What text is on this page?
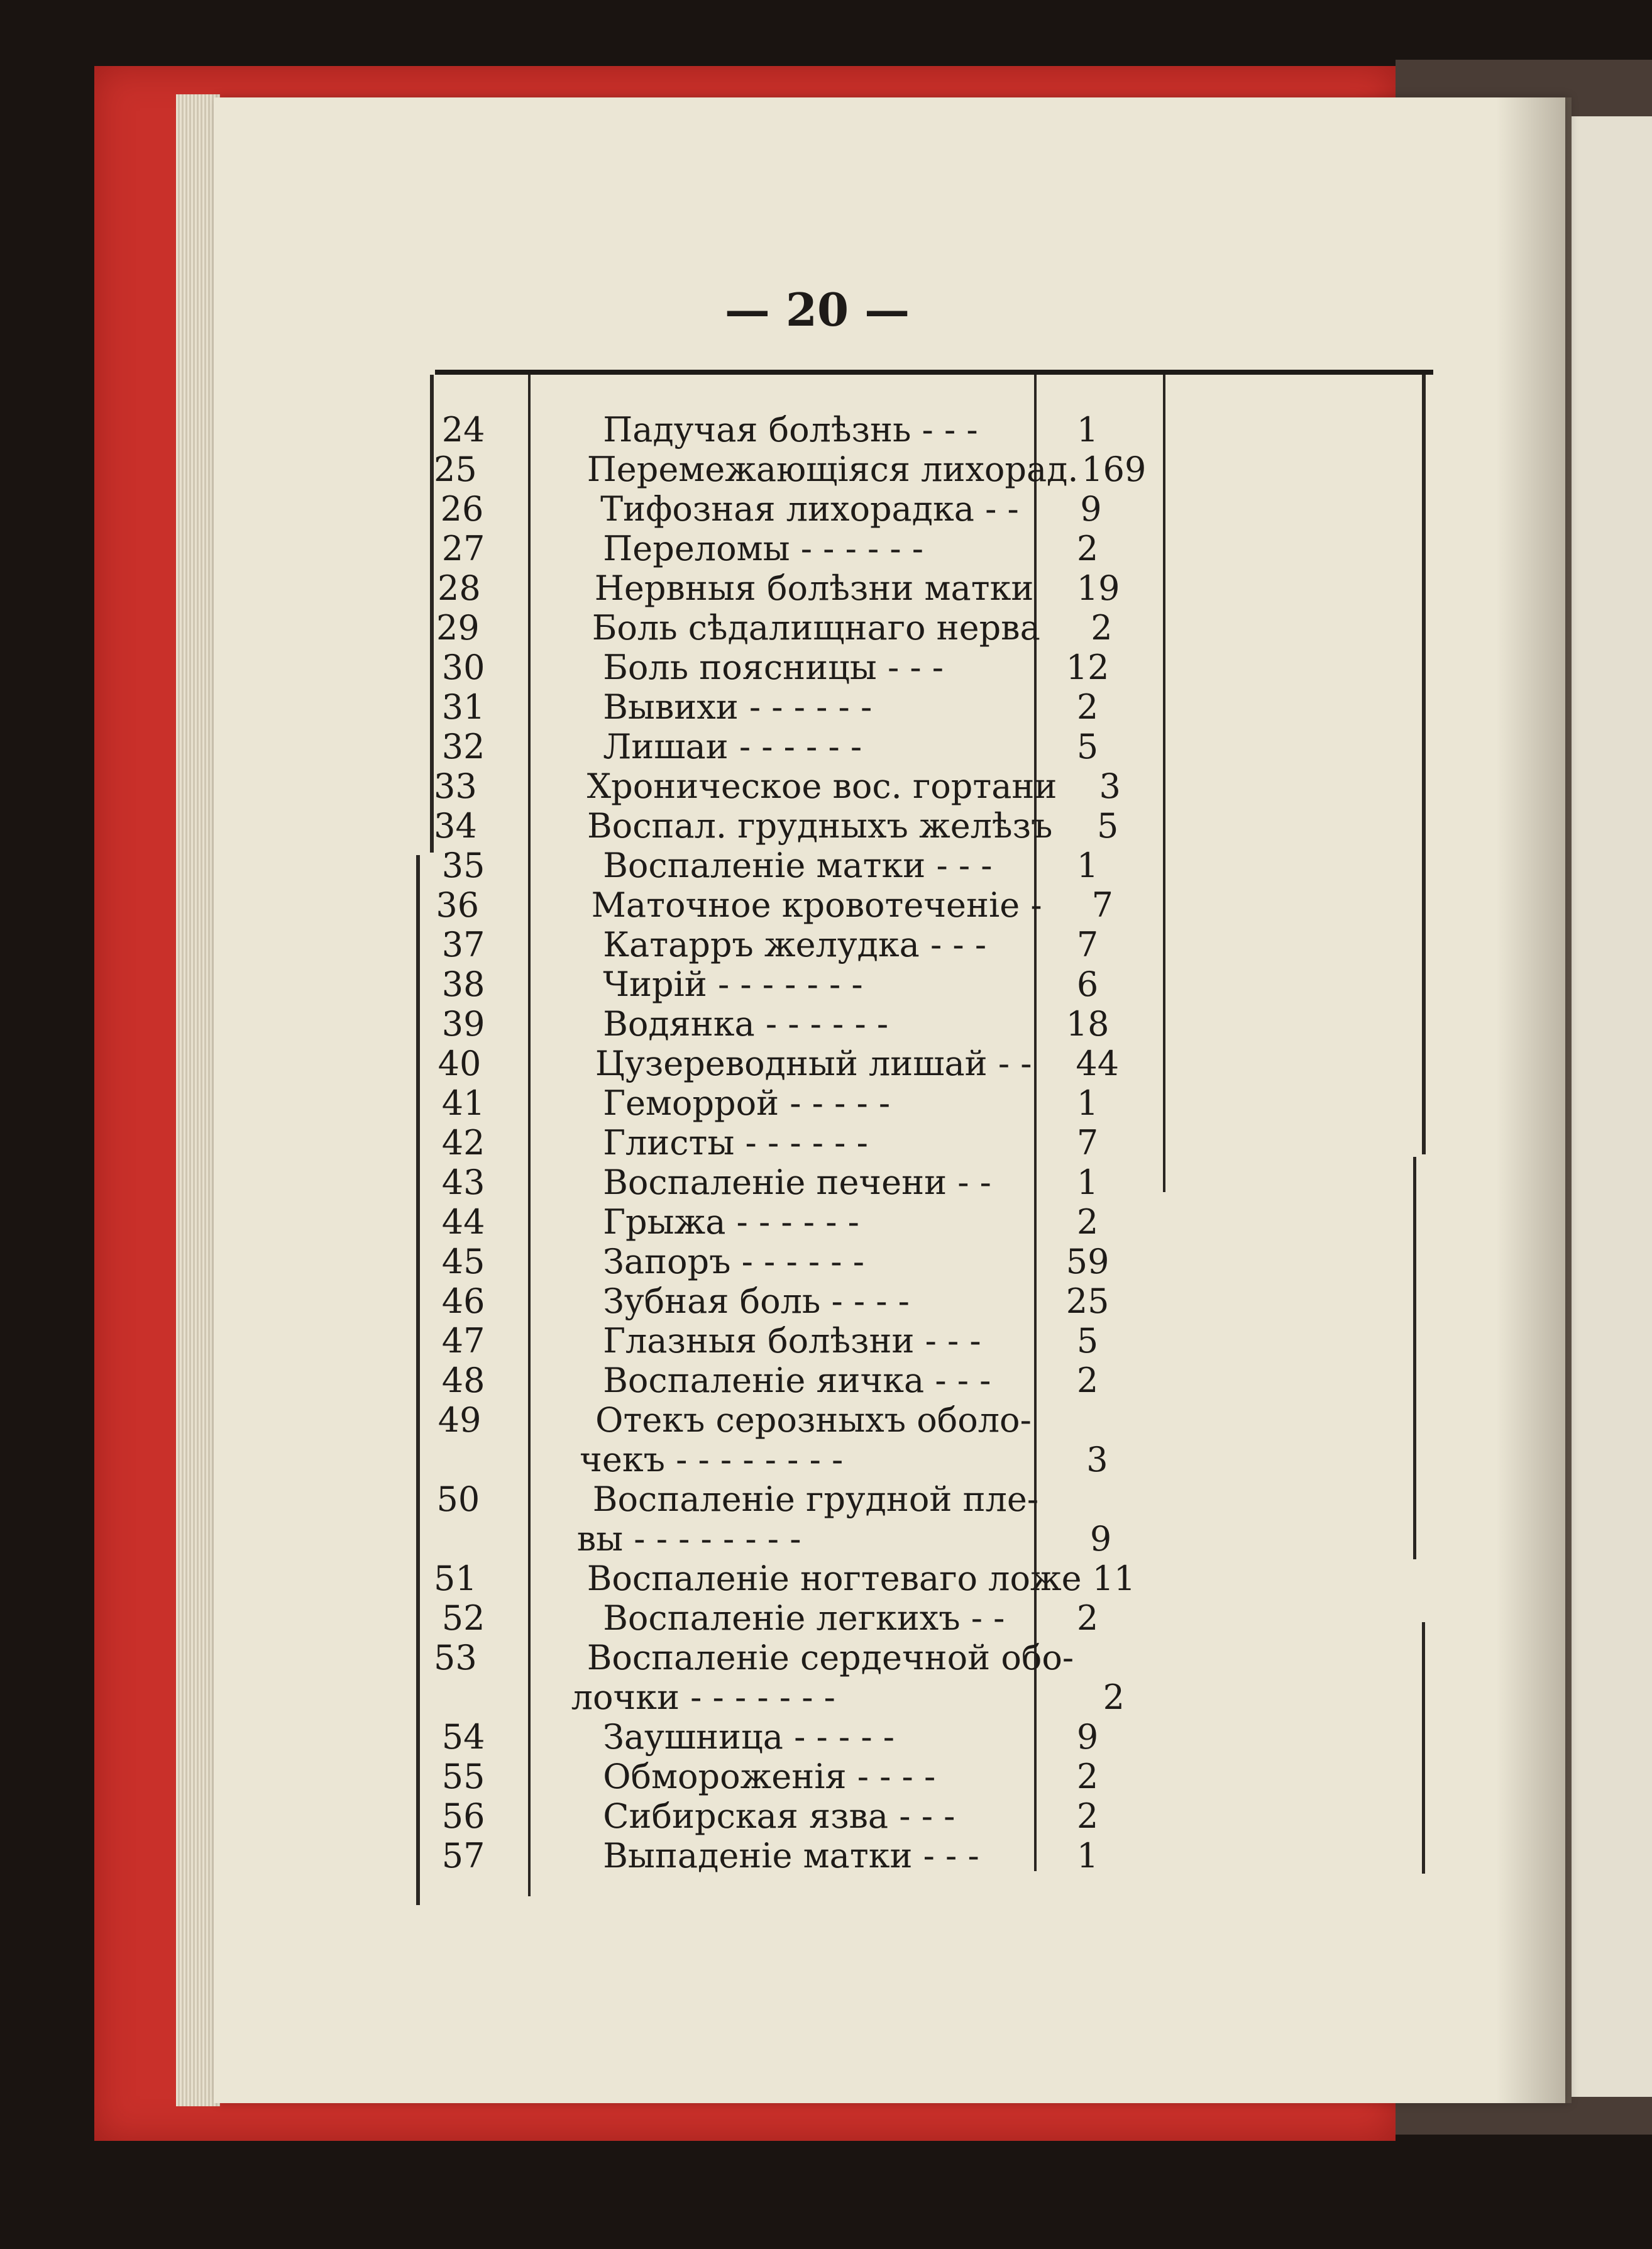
— 20 —
24	Падучая болѣзнь - - -	1
25	Перемежающіяся лихорад. 169
26	Тифозная лихорадка - -	9
27	Переломы - - - - - -	2
28	Нервныя болѣзни матки	19
29	Боль сѣдалищнаго нерва	2
30	Боль поясницы - - -	12
31	Вывихи - - - - - -	2
32	Лишаи - - - - - -	5
33	Хроническое вос. гортани	3
34	Воспал. грудныхъ желѣзъ	5
35	Воспаленіе матки - - -	1
36	Маточное кровотеченіе -	7
37	Катарръ желудка - - -	7
38	Чирій - - - - - - -	6
39	Водянка - - - - - -	18
40	Цузереводный лишай - -	44
41	Геморрой - - - - -	1
42	Глисты - - - - - -	7
43	Воспаленіе печени - -	1
44	Грыжа - - - - - -	2
45	Запоръ - - - - - -	59
46	Зубная боль - - - -	25
47	Глазныя болѣзни - - -	5
48	Воспаленіе яичка - - -	2
49	Отекъ серозныхъ оболо-
чекъ - - - - - - - -	3
50	Воспаленіе грудной пле-
вы - - - - - - - -	9
51	Воспаленіе ногтеваго ложе 11
52	Воспаленіе легкихъ - -	2
53	Воспаленіе сердечной обо-
лочки - - - - - - -	2
54	Заушница - - - - -	9
55	Обмороженія - - - -	2
56	Сибирская язва - - -	2
57	Выпаденіе матки - - -	1
